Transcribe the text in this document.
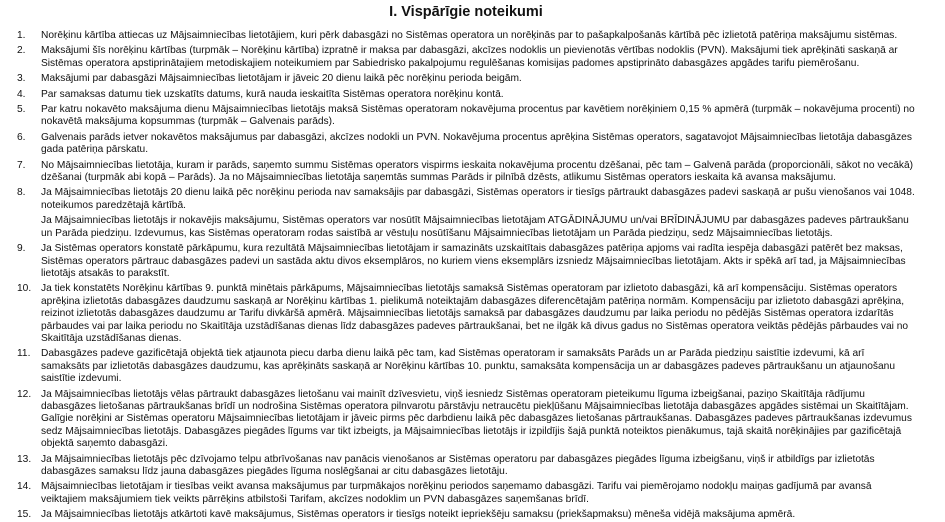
I. Vispārīgie noteikumi
1.	Norēķinu kārtība attiecas uz Mājsaimniecības lietotājiem, kuri pērk dabasgāzi no Sistēmas operatora un norēķinās par to pašapkalpošanās kārtībā pēc izlietotā patēriņa maksājumu sistēmas.
2.	Maksājumi šīs norēķinu kārtības (turpmāk – Norēķinu kārtība) izpratnē ir maksa par dabasgāzi, akcīzes nodoklis un pievienotās vērtības nodoklis (PVN). Maksājumi tiek aprēķināti saskaņā ar Sistēmas operatora apstiprinātajiem metodiskajiem noteikumiem par Sabiedrisko pakalpojumu regulēšanas komisijas padomes apstiprināto dabasgāzes apgādes tarifu piemērošanu.
3.	Maksājumi par dabasgāzi Mājsaimniecības lietotājam ir jāveic 20 dienu laikā pēc norēķinu perioda beigām.
4.	Par samaksas datumu tiek uzskatīts datums, kurā nauda ieskaitīta Sistēmas operatora norēķinu kontā.
5.	Par katru nokavēto maksājuma dienu Mājsaimniecības lietotājs maksā Sistēmas operatoram nokavējuma procentus par kavētiem norēķiniem 0,15 % apmērā (turpmāk – nokavējuma procenti) no nokavētā maksājuma kopsummas (turpmāk – Galvenais parāds).
6.	Galvenais parāds ietver nokavētos maksājumus par dabasgāzi, akcīzes nodokli un PVN. Nokavējuma procentus aprēķina Sistēmas operators, sagatavojot Mājsaimniecības lietotāja dabasgāzes gada patēriņa pārskatu.
7.	No Mājsaimniecības lietotāja, kuram ir parāds, saņemto summu Sistēmas operators vispirms ieskaita nokavējuma procentu dzēšanai, pēc tam – Galvenā parāda (proporcionāli, sākot no vecākā) dzēšanai (turpmāk abi kopā – Parāds). Ja no Mājsaimniecības lietotāja saņemtās summas Parāds ir pilnībā dzēsts, atlikumu Sistēmas operators ieskaita kā avansa maksājumu.
8.	Ja Mājsaimniecības lietotājs 20 dienu laikā pēc norēķinu perioda nav samaksājis par dabasgāzi, Sistēmas operators ir tiesīgs pārtraukt dabasgāzes padevi saskaņā ar pušu vienošanos vai 1048. noteikumos paredzētajā kārtībā.
Ja Mājsaimniecības lietotājs ir nokavējis maksājumu, Sistēmas operators var nosūtīt Mājsaimniecības lietotājam ATGĀDINĀJUMU un/vai BRĪDINĀJUMU par dabasgāzes padeves pārtraukšanu un Parāda piedziņu. Izdevumus, kas Sistēmas operatoram rodas saistībā ar vēstuļu nosūtīšanu Mājsaimniecības lietotājam un Parāda piedziņu, sedz Mājsaimniecības lietotājs.
9.	Ja Sistēmas operators konstatē pārkāpumu, kura rezultātā Mājsaimniecības lietotājam ir samazināts uzskaitītais dabasgāzes patēriņa apjoms vai radīta iespēja dabasgāzi patērēt bez maksas, Sistēmas operators pārtrauc dabasgāzes padevi un sastāda aktu divos eksemplāros, no kuriem viens eksemplārs izsniedz Mājsaimniecības lietotājam. Akts ir spēkā arī tad, ja Mājsaimniecības lietotājs atsakās to parakstīt.
10. Ja tiek konstatēts Norēķinu kārtības 9. punktā minētais pārkāpums, Mājsaimniecības lietotājs samaksā Sistēmas operatoram par izlietoto dabasgāzi, kā arī kompensāciju. Sistēmas operators aprēķina izlietotās dabasgāzes daudzumu saskaņā ar Norēķinu kārtības 1. pielikumā noteiktajām dabasgāzes diferencētajām patēriņa normām. Kompensāciju par izlietoto dabasgāzi aprēķina, reizinot izlietotās dabasgāzes daudzumu ar Tarifu divkāršā apmērā. Mājsaimniecības lietotājs samaksā par dabasgāzes daudzumu par laika periodu no pēdējās Sistēmas operatora izdarītās pārbaudes vai par laika periodu no Skaitītāja uzstādīšanas dienas līdz dabasgāzes padeves pārtraukšanai, bet ne ilgāk kā divus gadus no Sistēmas operatora veiktās pēdējās pārbaudes vai no Skaitītāja uzstādīšanas dienas.
11.	Dabasgāzes padeve gazificētajā objektā tiek atjaunota piecu darba dienu laikā pēc tam, kad Sistēmas operatoram ir samaksāts Parāds un ar Parāda piedziņu saistītie izdevumi, kā arī samaksāts par izlietotās dabasgāzes daudzumu, kas aprēķināts saskaņā ar Norēķinu kārtības 10. punktu, samaksāta kompensācija un ar dabasgāzes padeves pārtraukšanu un atjaunošanu saistītie izdevumi.
12. Ja Mājsaimniecības lietotājs vēlas pārtraukt dabasgāzes lietošanu vai mainīt dzīvesvietu, viņš iesniedz Sistēmas operatoram pieteikumu līguma izbeigšanai, paziņo Skaitītāja rādījumu dabasgāzes lietošanas pārtraukšanas brīdī un nodrošina Sistēmas operatora pilnvarotu pārstāvju netraucētu piekļūšanu Mājsaimniecības lietotāja dabasgāzes apgādes sistēmai un Skaitītājam. Galīgie norēķini ar Sistēmas operatoru Mājsaimniecības lietotājam ir jāveic pirms pēc darbdienu laikā pēc dabasgāzes lietošanas pārtraukšanas. Dabasgāzes padeves pārtraukšanas izdevumus sedz Mājsaimniecības lietotājs. Dabasgāzes piegādes līgums var tikt izbeigts, ja Mājsaimniecības lietotājs ir izpildījis šajā punktā noteiktos pienākumus, tajā skaitā norēķinājies par gazificētajā objektā saņemto dabasgāzi.
13. Ja Mājsaimniecības lietotājs pēc dzīvojamo telpu atbrīvošanas nav panācis vienošanos ar Sistēmas operatoru par dabasgāzes piegādes līguma izbeigšanu, viņš ir atbildīgs par izlietotās dabasgāzes samaksu līdz jauna dabasgāzes piegādes līguma noslēgšanai ar citu dabasgāzes lietotāju.
14. Mājsaimniecības lietotājam ir tiesības veikt avansa maksājumus par turpmākajos norēķinu periodos saņemamo dabasgāzi. Tarifu vai piemērojamo nodokļu maiņas gadījumā par avansā veiktajiem maksājumiem tiek veikts pārrēķins atbilstoši Tarifam, akcīzes nodoklim un PVN dabasgāzes saņemšanas brīdī.
15. Ja Mājsaimniecības lietotājs atkārtoti kavē maksājumus, Sistēmas operators ir tiesīgs noteikt iepriekšēju samaksu (priekšapmaksu) mēneša vidējā maksājuma apmērā.
